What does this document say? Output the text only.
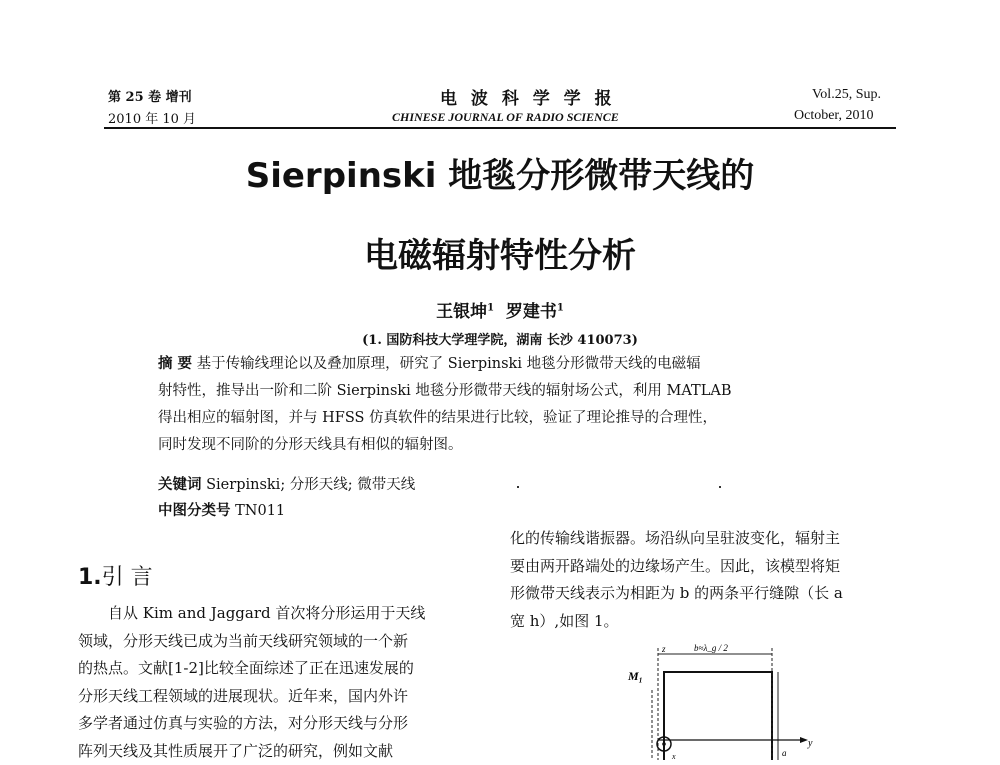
第 25 卷 增刊
2010 年 10 月
电 波 科 学 学 报
CHINESE JOURNAL OF RADIO SCIENCE
Vol.25, Sup.
October, 2010
Sierpinski 地毯分形微带天线的
电磁辐射特性分析
王银坤$^1$ 罗建书$^1$
(1. 国防科技大学理学院，湖南 长沙 410073)
摘 要 基于传输线理论以及叠加原理，研究了 Sierpinski 地毯分形微带天线的电磁辐
射特性，推导出一阶和二阶 Sierpinski 地毯分形微带天线的辐射场公式，利用 MATLAB
得出相应的辐射图，并与 HFSS 仿真软件的结果进行比较，验证了理论推导的合理性，
同时发现不同阶的分形天线具有相似的辐射图。
关键词 Sierpinski; 分形天线; 微带天线
中图分类号 TN011
1.引 言

自从 Kim and Jaggard 首次将分形运用于天线

领域，分形天线已成为当前天线研究领域的一个新

的热点。文献[1-2]比较全面综述了正在迅速发展的

分形天线工程领域的进展现状。近年来，国内外许

多学者通过仿真与实验的方法，对分形天线与分形

阵列天线及其性质展开了广泛的研究，例如文献

化的传输线谐振器。场沿纵向呈驻波变化，辐射主

要由两开路端处的边缘场产生。因此，该模型将矩

形微带天线表示为相距为 b 的两条平行缝隙（长 a

宽 h）,如图 1。

z	b≈λ_g / 2
M₁
y
a
x
